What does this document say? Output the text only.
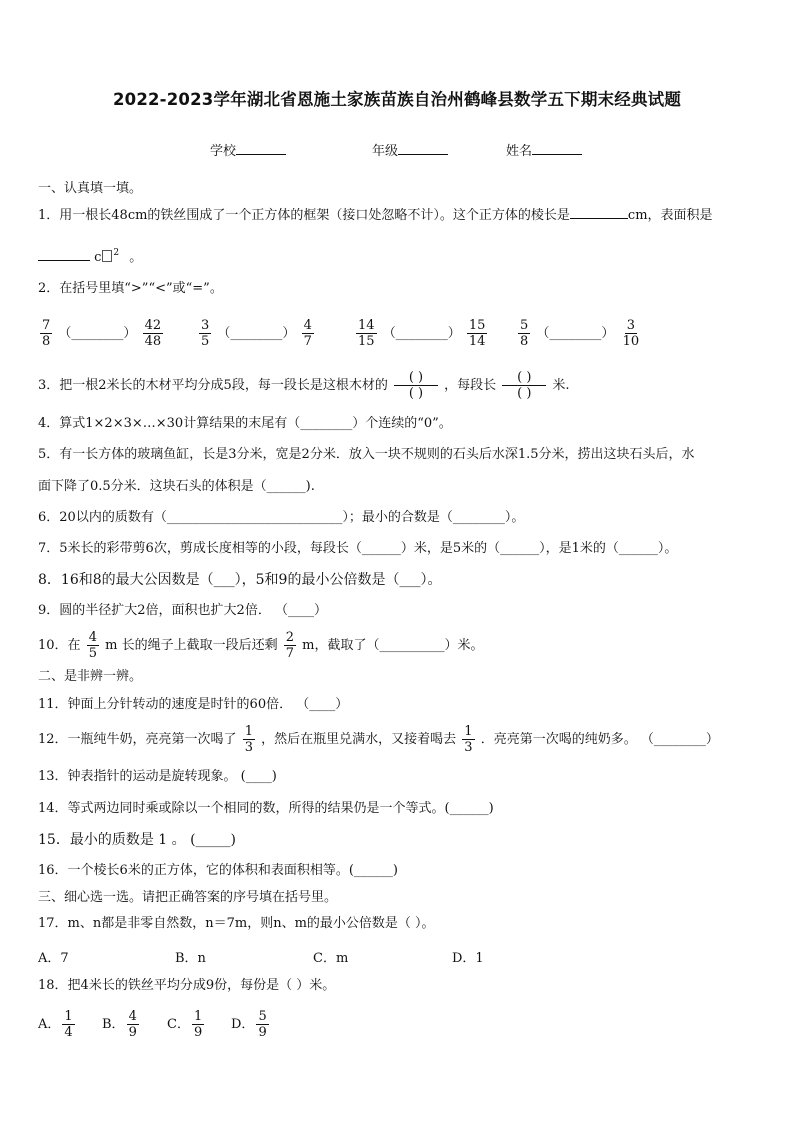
2022-2023学年湖北省恩施土家族苗族自治州鹤峰县数学五下期末经典试题
学校	年级	姓名
一、认真填一填。
1．用一根长48cm的铁丝围成了一个正方体的框架（接口处忽略不计）。这个正方体的棱长是	cm，表面积是
c $^2$ 。
2．在括号里填“>”“<”或“=”。
$\frac{7}{8}$ （________） $\frac{42}{48}$	$\frac{3}{5}$ （________） $\frac{4}{7}$	$\frac{14}{15}$ （________） $\frac{15}{14} \frac{5}{8}$ （________） $\frac{3}{10}$
3．把一根2米长的木材平均分成5段，每一段长是这根木材的 $\frac{( )}{( )}$ ，每段长 $\frac{( )}{( )}$ 米.
4．算式1×2×3×…×30计算结果的末尾有（________）个连续的“0”。
5．有一长方体的玻璃鱼缸，长是3分米，宽是2分米．放入一块不规则的石头后水深1.5分米，捞出这块石头后，水
面下降了0.5分米．这块石头的体积是（______).
6．20以内的质数有（___________________________）；最小的合数是（________）。
7．5米长的彩带剪6次，剪成长度相等的小段，每段长（______）米，是5米的（______），是1米的（______）。
8．16和8的最大公因数是（___），5和9的最小公倍数是（___）。
9．圆的半径扩大2倍，面积也扩大2倍． （____）
10．在 $\frac{4}{5}$ m 长的绳子上截取一段后还剩 $\frac{2}{7}$ m，截取了（__________）米。
二、是非辨一辨。
11．钟面上分针转动的速度是时针的60倍． （____）
12．一瓶纯牛奶，亮亮第一次喝了 $\frac{1}{3}$ ，然后在瓶里兑满水，又接着喝去 $\frac{1}{3}$ ．亮亮第一次喝的纯奶多。 （________）
13．钟表指针的运动是旋转现象。 (____)
14．等式两边同时乘或除以一个相同的数，所得的结果仍是一个等式。(______)
15．最小的质数是 1 。 (_____)
16．一个棱长6米的正方体，它的体积和表面积相等。(______)
三、细心选一选。请把正确答案的序号填在括号里。
17．m、n都是非零自然数，n＝7m，则n、m的最小公倍数是（ ）。
A．7	B．n	C．m	D．1
18．把4米长的铁丝平均分成9份，每份是（ ）米。
A． $\frac{1}{4}$ B． $\frac{4}{9}$ C． $\frac{1}{9}$ D． $\frac{5}{9}$
